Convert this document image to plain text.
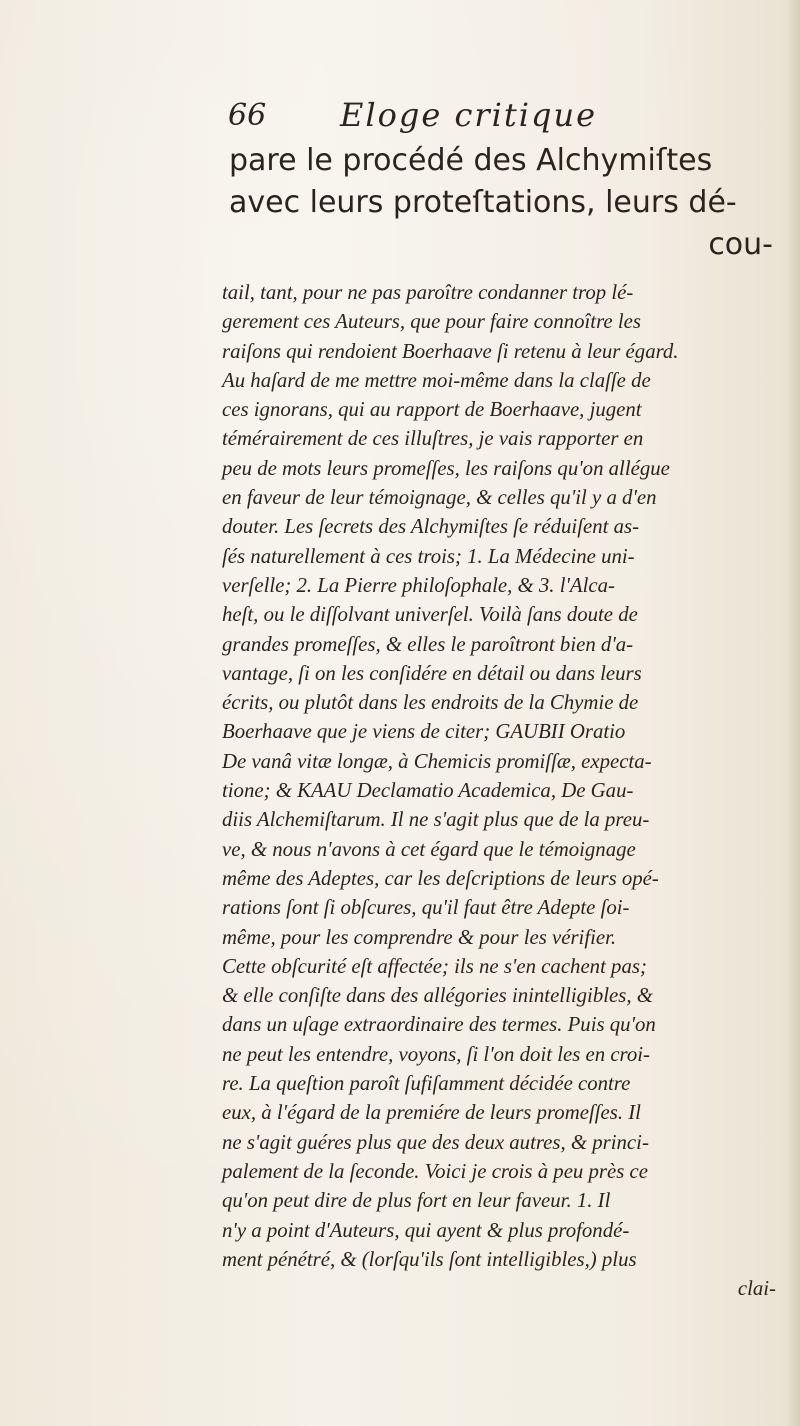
66 Eloge critique
pare le procédé des Alchymiſtes
avec leurs proteſtations, leurs dé-
cou-
tail, tant, pour ne pas paroître condanner trop lé-
gerement ces Auteurs, que pour faire connoître les
raiſons qui rendoient Boerhaave ſi retenu à leur égard.
Au haſard de me mettre moi-même dans la claſſe de
ces ignorans, qui au rapport de Boerhaave, jugent
témérairement de ces illuſtres, je vais rapporter en
peu de mots leurs promeſſes, les raiſons qu'on allégue
en faveur de leur témoignage, & celles qu'il y a d'en
douter. Les ſecrets des Alchymiſtes ſe réduiſent as-
ſés naturellement à ces trois; 1. La Médecine uni-
verſelle; 2. La Pierre philoſophale, & 3. l'Alca-
heſt, ou le diſſolvant univerſel. Voilà ſans doute de
grandes promeſſes, & elles le paroîtront bien d'a-
vantage, ſi on les conſidére en détail ou dans leurs
écrits, ou plutôt dans les endroits de la Chymie de
Boerhaave que je viens de citer; GAUBII Oratio
De vanâ vitæ longæ, à Chemicis promiſſæ, expecta-
tione; & KAAU Declamatio Academica, De Gau-
diis Alchemiſtarum. Il ne s'agit plus que de la preu-
ve, & nous n'avons à cet égard que le témoignage
même des Adeptes, car les deſcriptions de leurs opé-
rations ſont ſi obſcures, qu'il faut être Adepte ſoi-
même, pour les comprendre & pour les vérifier.
Cette obſcurité eſt affectée; ils ne s'en cachent pas;
& elle conſiſte dans des allégories inintelligibles, &
dans un uſage extraordinaire des termes. Puis qu'on
ne peut les entendre, voyons, ſi l'on doit les en croi-
re. La queſtion paroît ſufiſamment décidée contre
eux, à l'égard de la premiére de leurs promeſſes. Il
ne s'agit guéres plus que des deux autres, & princi-
palement de la ſeconde. Voici je crois à peu près ce
qu'on peut dire de plus fort en leur faveur. 1. Il
n'y a point d'Auteurs, qui ayent & plus profondé-
ment pénétré, & (lorſqu'ils ſont intelligibles,) plus
clai-
